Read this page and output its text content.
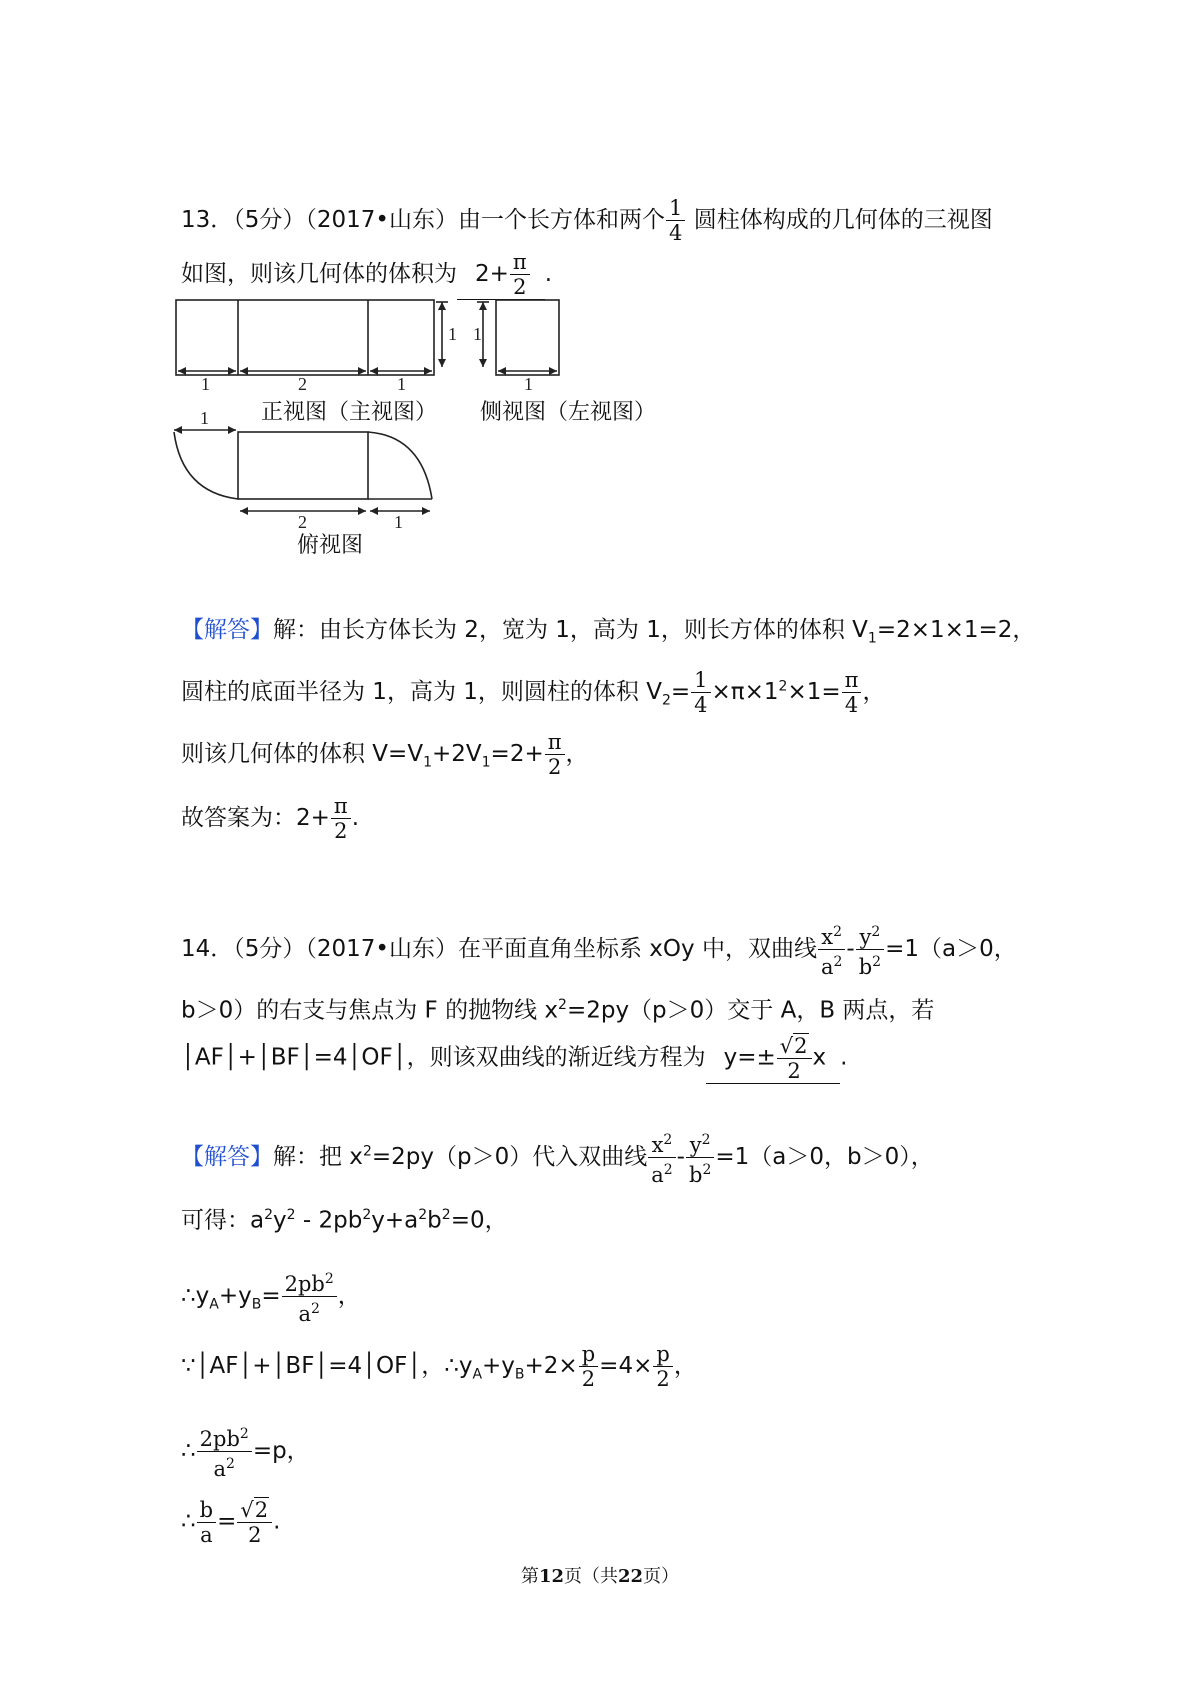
13．（5分）（2017•山东）由一个长方体和两个 $\frac{1}{4}$ 圆柱体构成的几何体的三视图
如图，则该几何体的体积为 $2+ \frac{\pi}{2}$ .
1	2	1
1 1
1
1
2	1
正视图（主视图） 侧视图（左视图）
俯视图
【解答】解：由长方体长为 2，宽为 1，高为 1，则长方体的体积 $V_1=2\times 1\times 1=2$，
圆柱的底面半径为 1，高为 1，则圆柱的体积 $V_2= \frac{1}{4} \times\pi\times 1^2\times 1= \frac{\pi}{4}$ ，
则该几何体的体积 $V=V_1+2V_1=2+ \frac{\pi}{2}$ ，
故答案为：$2+ \frac{\pi}{2}$ .
14．（5分）（2017•山东）在平面直角坐标系 xOy 中，双曲线 $\frac{x^2}{a^2} - \frac{y^2}{b^2} =1(a>0$，
b＞0）的右支与焦点为 F 的抛物线 $x^2=2py(p>0)$交于 A，B 两点，若
│AF│+│BF│=4│OF│，则该双曲线的渐近线方程为 $y=\pm \frac{√2}{2}$ x .
【解答】解：把 $x^2=2py(p>0)$代入双曲线 $\frac{x^2}{a^2} - \frac{y^2}{b^2} =1(a>0$，b＞0），
可得：$a^2y^2 - 2pb^2y+a^2b^2=0$，
$\therefore y_A+y_B= \frac{2pb^2}{a^2}$ ，
∵│AF│+│BF│=4│OF│，$\therefore y_A+y_B+2\times \frac{p}{2} =4\times \frac{p}{2}$ ，
∴ $\frac{2pb^2}{a^2} =p$，
∴ $\frac{b}{a} = \frac{√2}{2}$ .
第12页（共22页）
